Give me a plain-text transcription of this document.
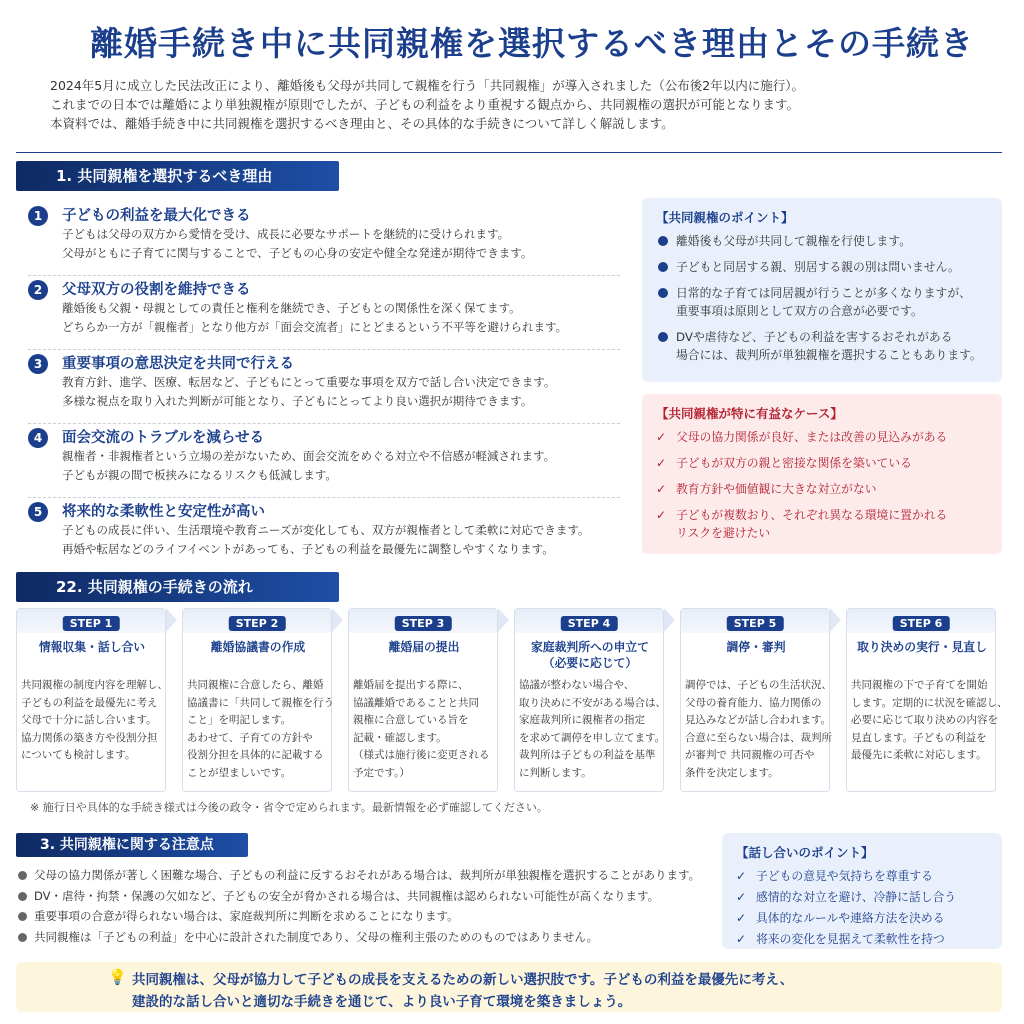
離婚手続き中に共同親権を選択するべき理由とその手続き

2024年5月に成立した民法改正により、離婚後も父母が共同して親権を行う「共同親権」が導入されました（公布後2年以内に施行）。

これまでの日本では離婚により単独親権が原則でしたが、子どもの利益をより重視する観点から、共同親権の選択が可能となります。

本資料では、離婚手続き中に共同親権を選択するべき理由と、その具体的な手続きについて詳しく解説します。

1. 共同親権を選択するべき理由
1	子どもの利益を最大化できる

子どもは父母の双方から愛情を受け、成長に必要なサポートを継続的に受けられます。

父母がともに子育てに関与することで、子どもの心身の安定や健全な発達が期待できます。

2	父母双方の役割を維持できる

離婚後も父親・母親としての責任と権利を継続でき、子どもとの関係性を深く保てます。

どちらか一方が「親権者」となり他方が「面会交流者」にとどまるという不平等を避けられます。

3	重要事項の意思決定を共同で行える

教育方針、進学、医療、転居など、子どもにとって重要な事項を双方で話し合い決定できます。

多様な視点を取り入れた判断が可能となり、子どもにとってより良い選択が期待できます。

4	面会交流のトラブルを減らせる

親権者・非親権者という立場の差がないため、面会交流をめぐる対立や不信感が軽減されます。

子どもが親の間で板挟みになるリスクも低減します。

5	将来的な柔軟性と安定性が高い

子どもの成長に伴い、生活環境や教育ニーズが変化しても、双方が親権者として柔軟に対応できます。

再婚や転居などのライフイベントがあっても、子どもの利益を最優先に調整しやすくなります。

【共同親権のポイント】

離婚後も父母が共同して親権を行使します。
子どもと同居する親、別居する親の別は問いません。
日常的な子育ては同居親が行うことが多くなりますが、
重要事項は原則として双方の合意が必要です。
DVや虐待など、子どもの利益を害するおそれがある
場合には、裁判所が単独親権を選択することもあります。

【共同親権が特に有益なケース】

✓ 父母の協力関係が良好、または改善の見込みがある
✓ 子どもが双方の親と密接な関係を築いている
✓ 教育方針や価値観に大きな対立がない
✓ 子どもが複数おり、それぞれ異なる環境に置かれる
リスクを避けたい
22. 共同親権の手続きの流れ
STEP 1

情報収集・話し合い

共同親権の制度内容を理解し、

子どもの利益を最優先に考え

父母で十分に話し合います。

協力関係の築き方や役割分担

についても検討します。

STEP 2

離婚協議書の作成

共同親権に合意したら、離婚

協議書に「共同して親権を行う

こと」を明記します。

あわせて、子育ての方針や

役割分担を具体的に記載する

ことが望ましいです。

STEP 3

離婚届の提出

離婚届を提出する際に、

協議離婚であることと共同

親権に合意している旨を

記載・確認します。

（様式は施行後に変更される

予定です。）

STEP 4

家庭裁判所への申立て

（必要に応じて）

協議が整わない場合や、

取り決めに不安がある場合は、

家庭裁判所に親権者の指定

を求めて調停を申し立てます。

裁判所は子どもの利益を基準

に判断します。

STEP 5

調停・審判

調停では、子どもの生活状況、

父母の養育能力、協力関係の

見込みなどが話し合われます。

合意に至らない場合は、裁判所

が審判で 共同親権の可否や

条件を決定します。

STEP 6

取り決めの実行・見直し

共同親権の下で子育てを開始

します。定期的に状況を確認し、

必要に応じて取り決めの内容を

見直します。子どもの利益を

最優先に柔軟に対応します。

※ 施行日や具体的な手続き様式は今後の政令・省令で定められます。最新情報を必ず確認してください。
3. 共同親権に関する注意点
父母の協力関係が著しく困難な場合、子どもの利益に反するおそれがある場合は、裁判所が単独親権を選択することがあります。
DV・虐待・拘禁・保護の欠如など、子どもの安全が脅かされる場合は、共同親権は認められない可能性が高くなります。
重要事項の合意が得られない場合は、家庭裁判所に判断を求めることになります。
共同親権は「子どもの利益」を中心に設計された制度であり、父母の権利主張のためのものではありません。

【話し合いのポイント】

✓ 子どもの意見や気持ちを尊重する
✓ 感情的な対立を避け、冷静に話し合う
✓ 具体的なルールや連絡方法を決める
✓ 将来の変化を見据えて柔軟性を持つ
💡 共同親権は、父母が協力して子どもの成長を支えるための新しい選択肢です。子どもの利益を最優先に考え、

建設的な話し合いと適切な手続きを通じて、より良い子育て環境を築きましょう。
